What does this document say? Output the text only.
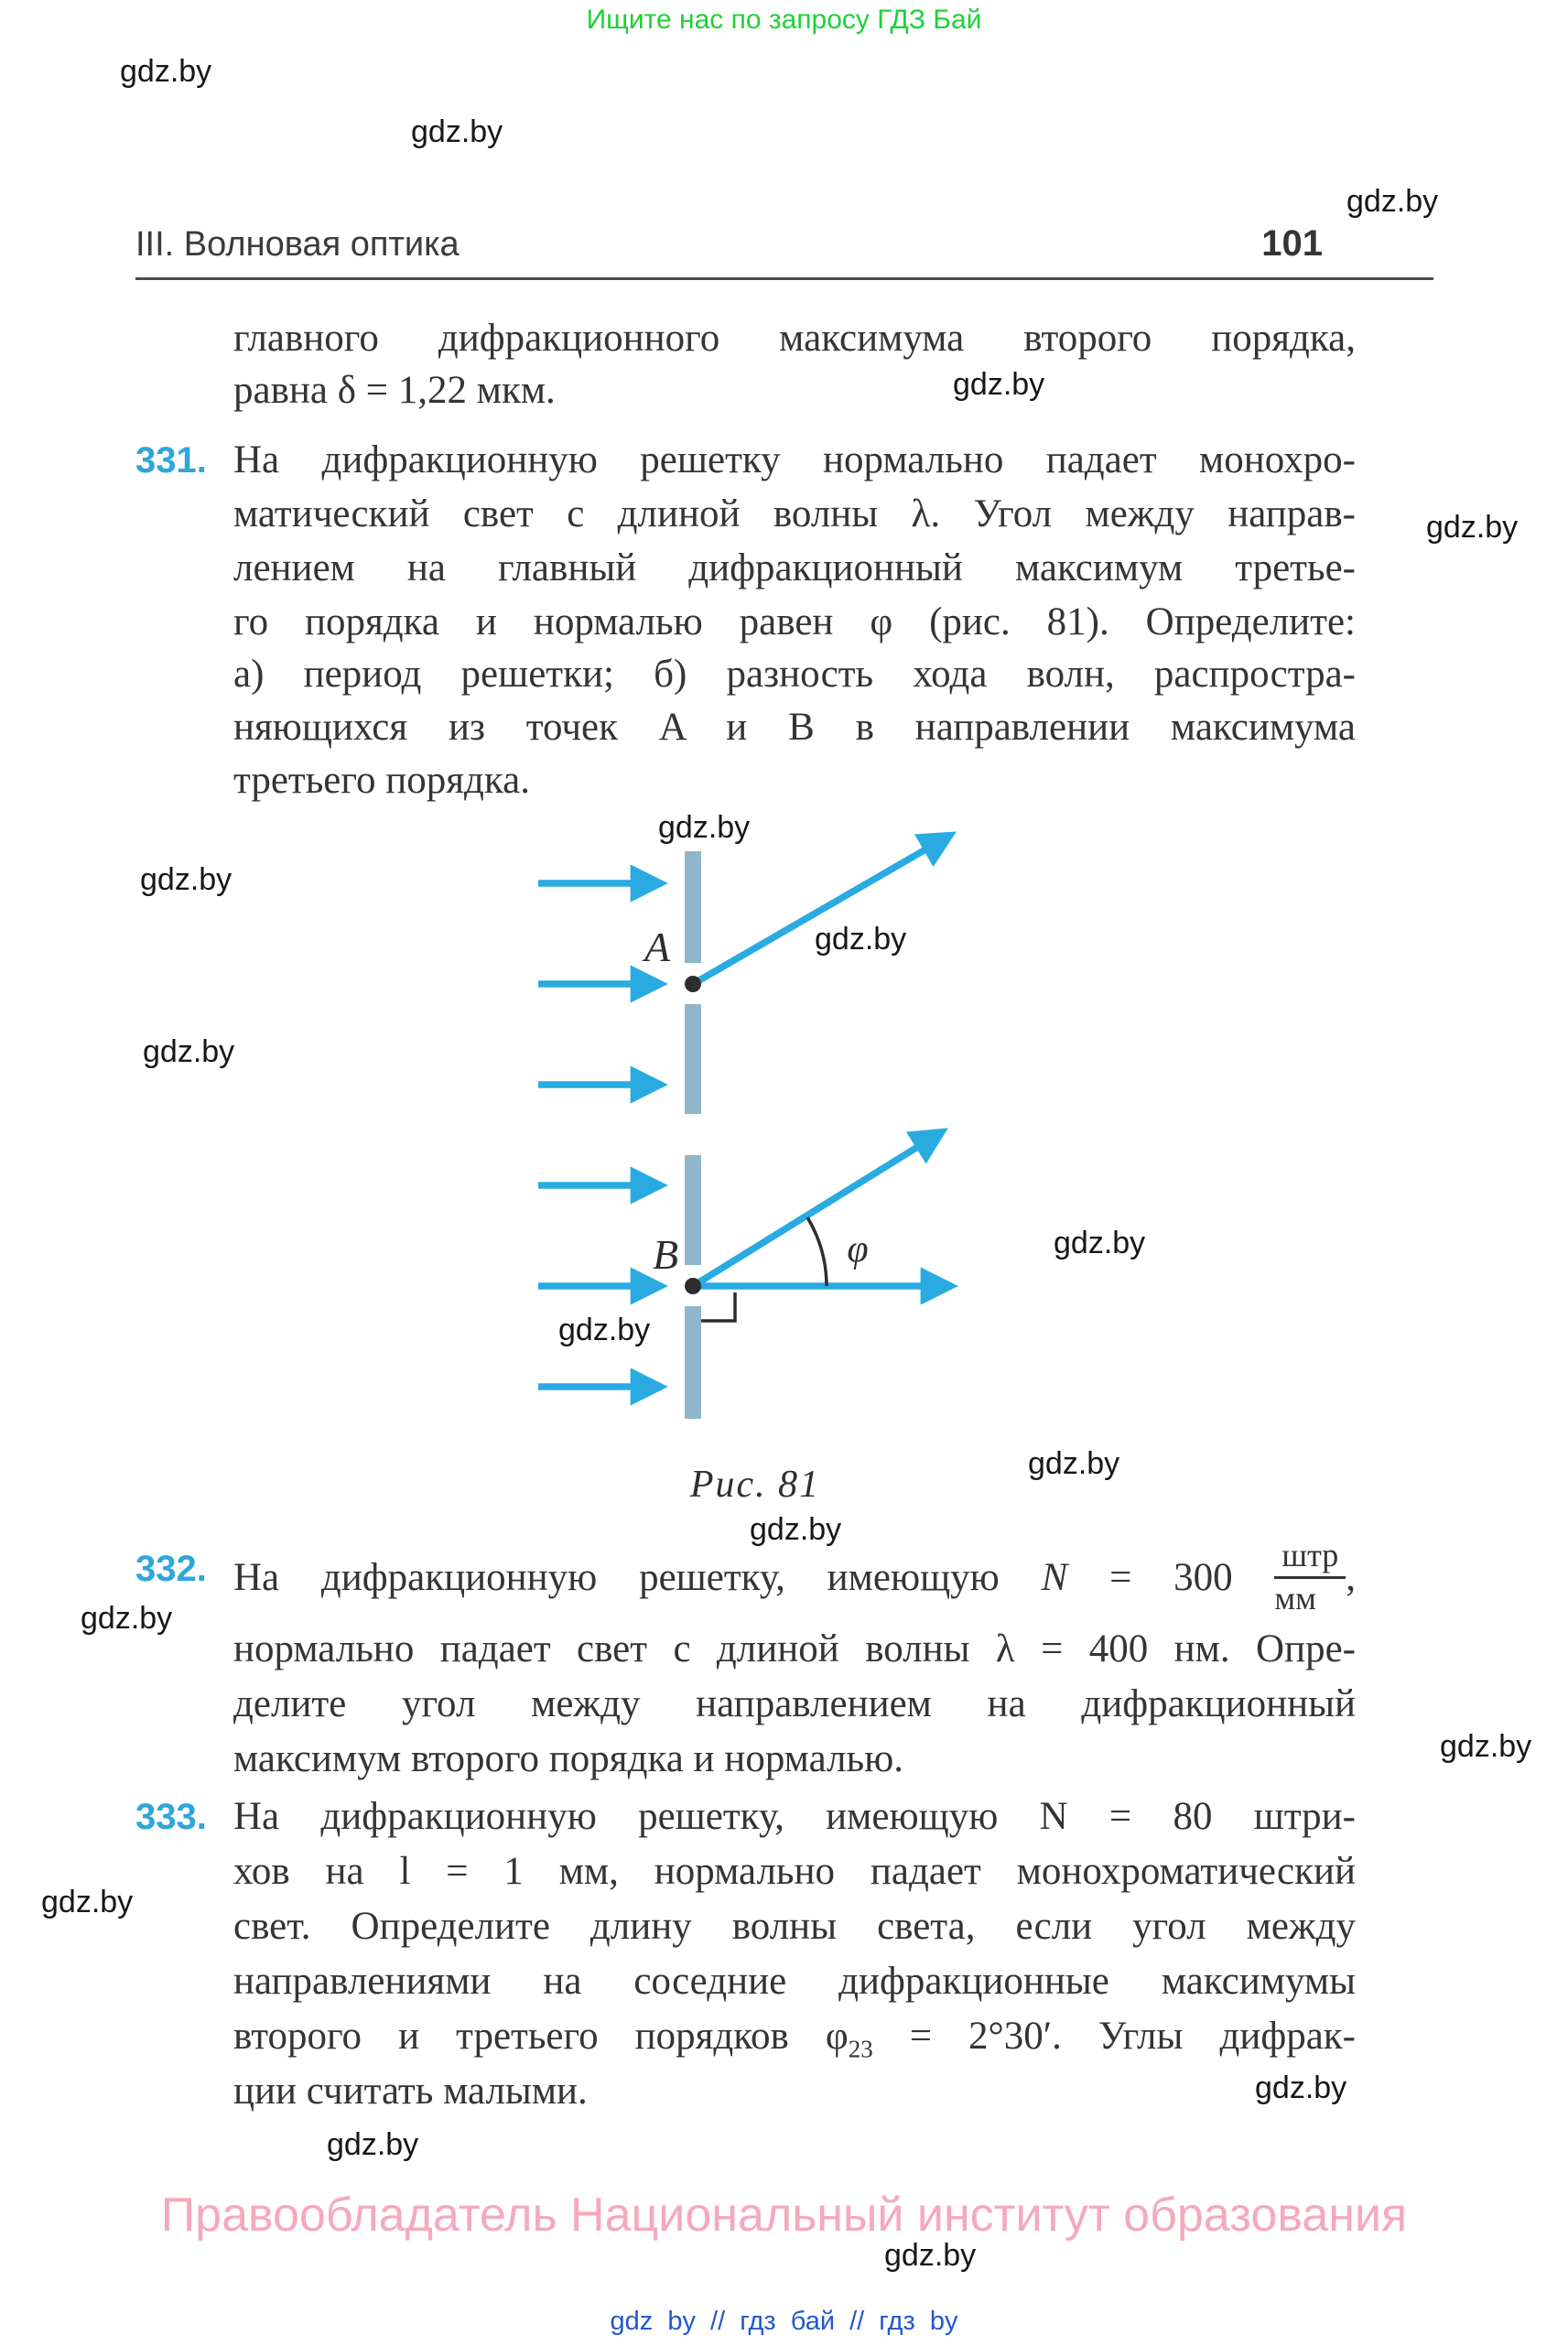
Ищите нас по запросу ГДЗ Бай
gdz.by
gdz.by
gdz.by
gdz.by
gdz.by
gdz.by
gdz.by
gdz.by
gdz.by
gdz.by
gdz.by
gdz.by
gdz.by
gdz.by
gdz.by
gdz.by
gdz.by
gdz.by
gdz.by
III. Волновая оптика	101
главного дифракционного максимума второго порядка,
равна δ = 1,22 мкм.
331. На дифракционную решетку нормально падает монохро-
матический свет с длиной волны λ. Угол между направ-
лением на главный дифракционный максимум третье-
го порядка и нормалью равен φ (рис. 81). Определите:
а) период решетки; б) разность хода волн, распростра-
няющихся из точек A и B в направлении максимума
третьего порядка.
A
B	φ
Рис. 81
332. На дифракционную решетку, имеющую $N = 300 \frac{\text{штр}}{мм}$ ,
нормально падает свет с длиной волны λ = 400 нм. Опре-
делите угол между направлением на дифракционный
максимум второго порядка и нормалью.
333. На дифракционную решетку, имеющую N = 80 штри-
хов на l = 1 мм, нормально падает монохроматический
свет. Определите длину волны света, если угол между
направлениями на соседние дифракционные максимумы
второго и третьего порядков $\varphi_{23} = 2^\circ 30'$. Углы дифрак-
ции считать малыми.
Правообладатель Национальный институт образования
gdz by // гдз бай // гдз by
